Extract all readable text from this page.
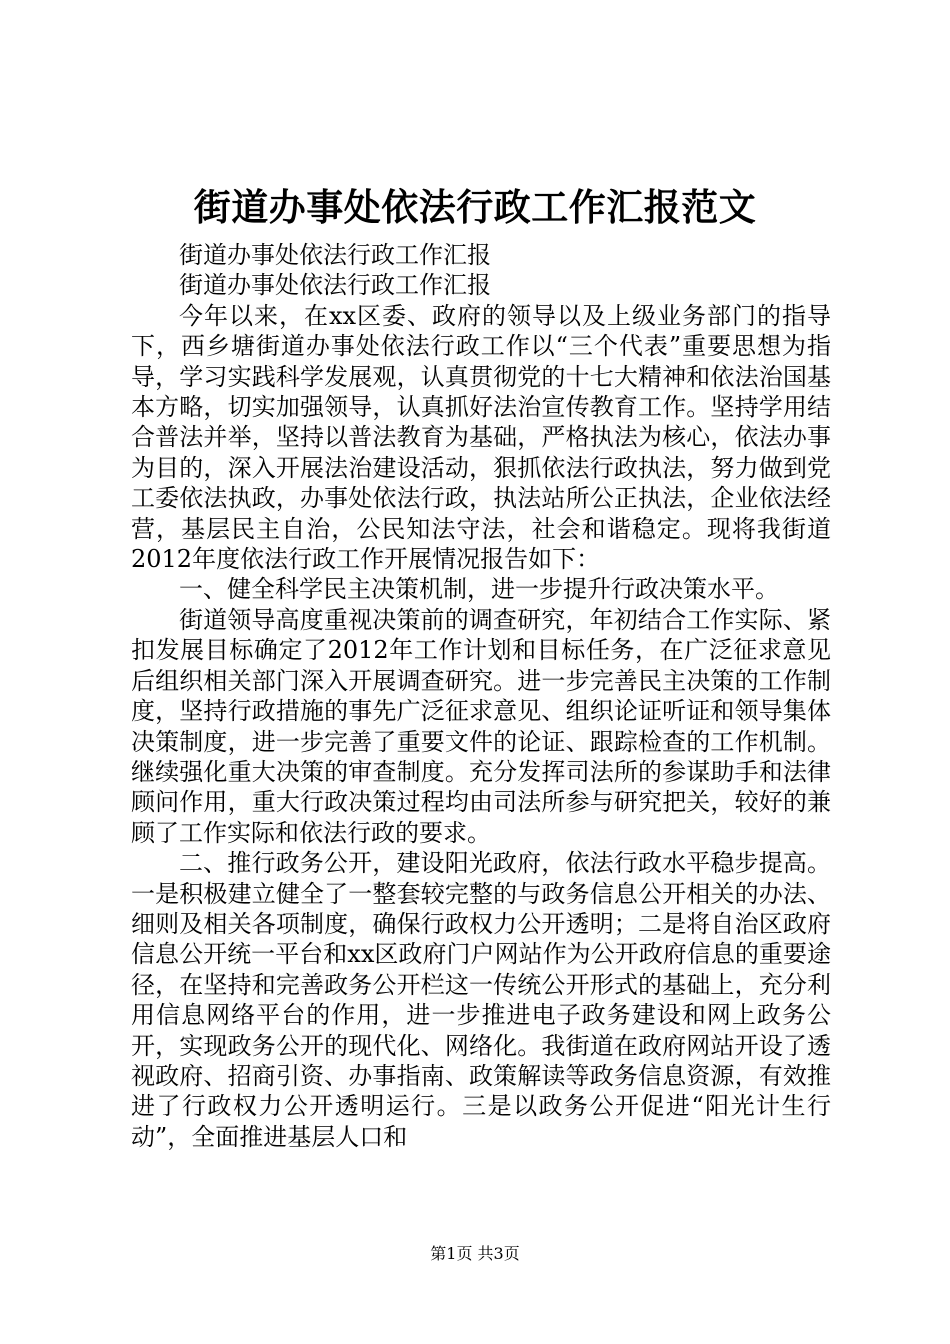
街道办事处依法行政工作汇报范文

街道办事处依法行政工作汇报

街道办事处依法行政工作汇报

今年以来，在xx区委、政府的领导以及上级业务部门的指导下，西乡塘街道办事处依法行政工作以“三个代表”重要思想为指导，学习实践科学发展观，认真贯彻党的十七大精神和依法治国基本方略，切实加强领导，认真抓好法治宣传教育工作。坚持学用结合普法并举，坚持以普法教育为基础，严格执法为核心，依法办事为目的，深入开展法治建设活动，狠抓依法行政执法，努力做到党工委依法执政，办事处依法行政，执法站所公正执法，企业依法经营，基层民主自治，公民知法守法，社会和谐稳定。现将我街道2012年度依法行政工作开展情况报告如下：

一、健全科学民主决策机制，进一步提升行政决策水平。

街道领导高度重视决策前的调查研究，年初结合工作实际、紧扣发展目标确定了2012年工作计划和目标任务，在广泛征求意见后组织相关部门深入开展调查研究。进一步完善民主决策的工作制度，坚持行政措施的事先广泛征求意见、组织论证听证和领导集体决策制度，进一步完善了重要文件的论证、跟踪检查的工作机制。继续强化重大决策的审查制度。充分发挥司法所的参谋助手和法律顾问作用，重大行政决策过程均由司法所参与研究把关，较好的兼顾了工作实际和依法行政的要求。

二、推行政务公开，建设阳光政府，依法行政水平稳步提高。一是积极建立健全了一整套较完整的与政务信息公开相关的办法、细则及相关各项制度，确保行政权力公开透明；二是将自治区政府信息公开统一平台和xx区政府门户网站作为公开政府信息的重要途径，在坚持和完善政务公开栏这一传统公开形式的基础上，充分利用信息网络平台的作用，进一步推进电子政务建设和网上政务公开，实现政务公开的现代化、网络化。我街道在政府网站开设了透视政府、招商引资、办事指南、政策解读等政务信息资源，有效推进了行政权力公开透明运行。三是以政务公开促进“阳光计生行动”，全面推进基层人口和

第1页 共3页
